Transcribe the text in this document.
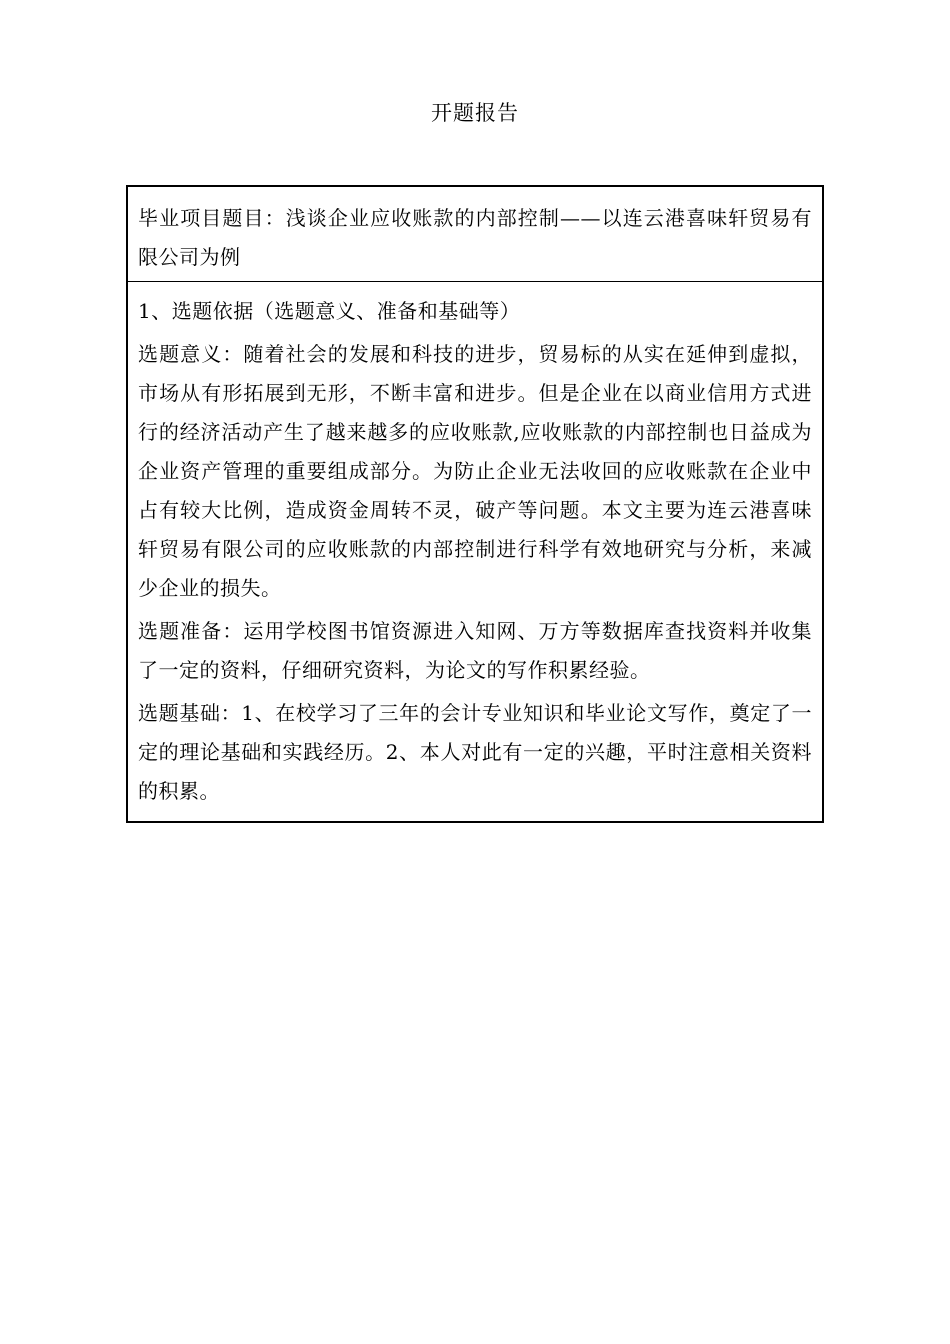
开题报告
毕业项目题目：浅谈企业应收账款的内部控制——以连云港喜味轩贸易有限公司为例

1、选题依据（选题意义、准备和基础等）

选题意义：随着社会的发展和科技的进步，贸易标的从实在延伸到虚拟，市场从有形拓展到无形，不断丰富和进步。但是企业在以商业信用方式进行的经济活动产生了越来越多的应收账款,应收账款的内部控制也日益成为企业资产管理的重要组成部分。为防止企业无法收回的应收账款在企业中占有较大比例，造成资金周转不灵，破产等问题。本文主要为连云港喜味轩贸易有限公司的应收账款的内部控制进行科学有效地研究与分析，来减少企业的损失。

选题准备：运用学校图书馆资源进入知网、万方等数据库查找资料并收集了一定的资料，仔细研究资料，为论文的写作积累经验。

选题基础：1、在校学习了三年的会计专业知识和毕业论文写作，奠定了一定的理论基础和实践经历。2、本人对此有一定的兴趣，平时注意相关资料的积累。
